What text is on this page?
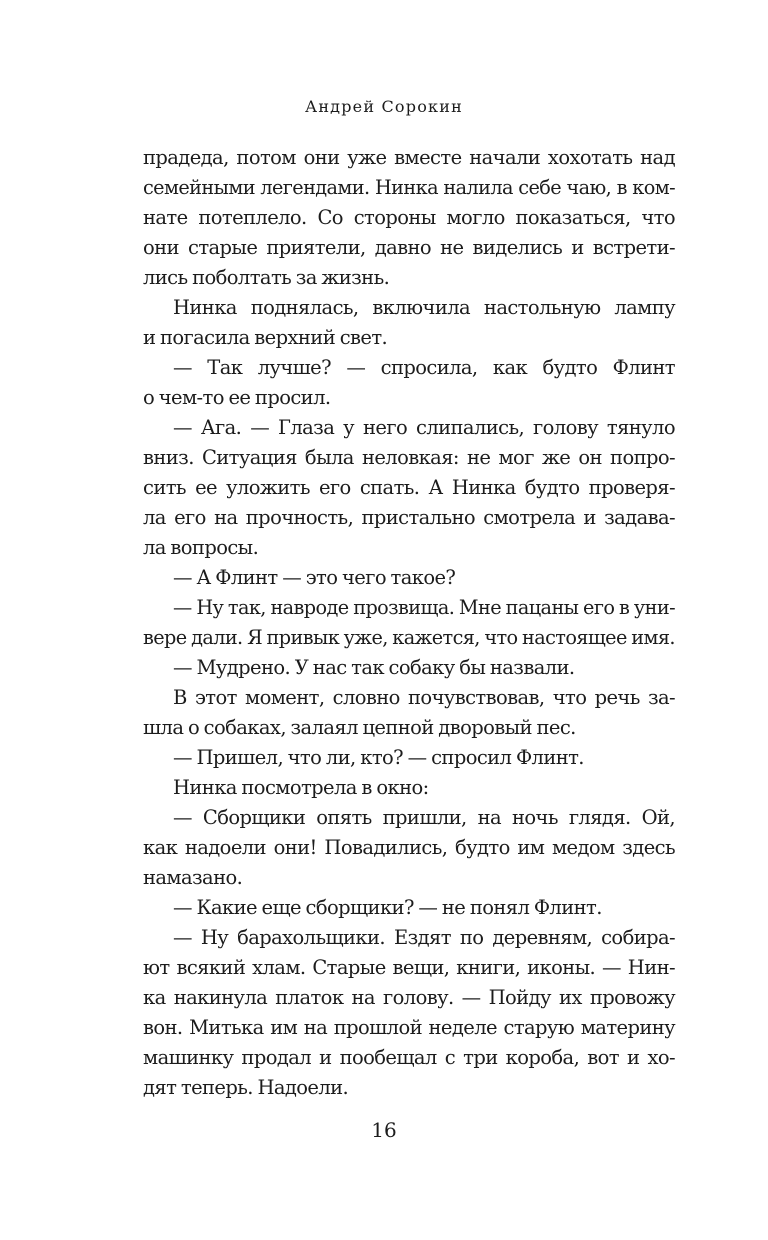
Андрей Сорокин
прадеда, потом они уже вместе начали хохотать над
семейными легендами. Нинка налила себе чаю, в ком-
нате потеплело. Со стороны могло показаться, что
они старые приятели, давно не виделись и встрети-
лись поболтать за жизнь.
Нинка поднялась, включила настольную лампу
и погасила верхний свет.
— Так лучше? — спросила, как будто Флинт
о чем-то ее просил.
— Ага. — Глаза у него слипались, голову тянуло
вниз. Ситуация была неловкая: не мог же он попро-
сить ее уложить его спать. А Нинка будто проверя-
ла его на прочность, пристально смотрела и задава-
ла вопросы.
— А Флинт — это чего такое?
— Ну так, навроде прозвища. Мне пацаны его в уни-
вере дали. Я привык уже, кажется, что настоящее имя.
— Мудрено. У нас так собаку бы назвали.
В этот момент, словно почувствовав, что речь за-
шла о собаках, залаял цепной дворовый пес.
— Пришел, что ли, кто? — спросил Флинт.
Нинка посмотрела в окно:
— Сборщики опять пришли, на ночь глядя. Ой,
как надоели они! Повадились, будто им медом здесь
намазано.
— Какие еще сборщики? — не понял Флинт.
— Ну барахольщики. Ездят по деревням, собира-
ют всякий хлам. Старые вещи, книги, иконы. — Нин-
ка накинула платок на голову. — Пойду их провожу
вон. Митька им на прошлой неделе старую материну
машинку продал и пообещал с три короба, вот и хо-
дят теперь. Надоели.
16
